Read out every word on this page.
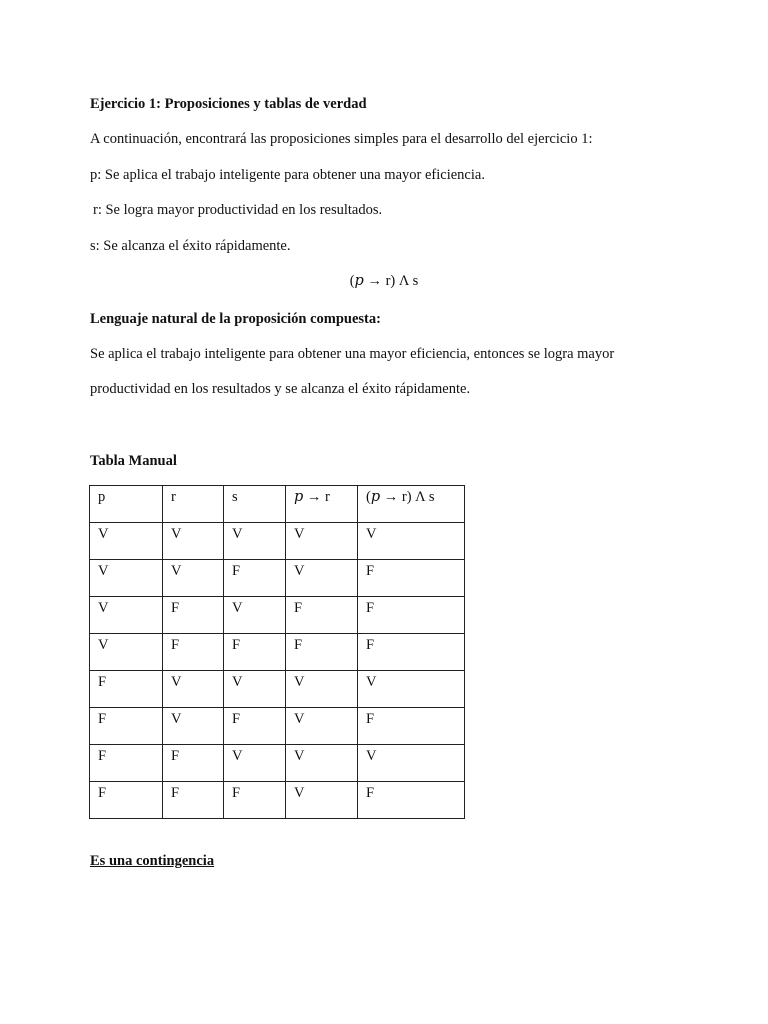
Ejercicio 1: Proposiciones y tablas de verdad
A continuación, encontrará las proposiciones simples para el desarrollo del ejercicio 1:
p: Se aplica el trabajo inteligente para obtener una mayor eficiencia.
r: Se logra mayor productividad en los resultados.
s: Se alcanza el éxito rápidamente.
(𝑝 → r) Λ s
Lenguaje natural de la proposición compuesta:
Se aplica el trabajo inteligente para obtener una mayor eficiencia, entonces se logra mayor
productividad en los resultados y se alcanza el éxito rápidamente.
Tabla Manual
p	r	s	𝑝 → r	(𝑝 → r) Λ s
V	V	V	V	V
V	V	F	V	F
V	F	V	F	F
V	F	F	F	F
F	V	V	V	V
F	V	F	V	F
F	F	V	V	V
F	F	F	V	F
Es una contingencia
